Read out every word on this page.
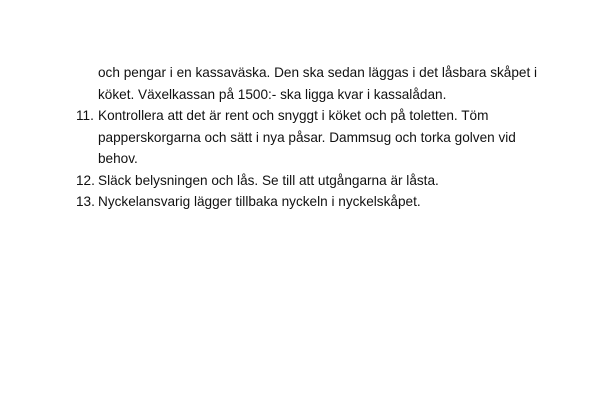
och pengar i en kassaväska. Den ska sedan läggas i det låsbara skåpet i
köket. Växelkassan på 1500:- ska ligga kvar i kassalådan.
11. Kontrollera att det är rent och snyggt i köket och på toletten. Töm
papperskorgarna och sätt i nya påsar. Dammsug och torka golven vid
behov.
12. Släck belysningen och lås. Se till att utgångarna är låsta.
13. Nyckelansvarig lägger tillbaka nyckeln i nyckelskåpet.
